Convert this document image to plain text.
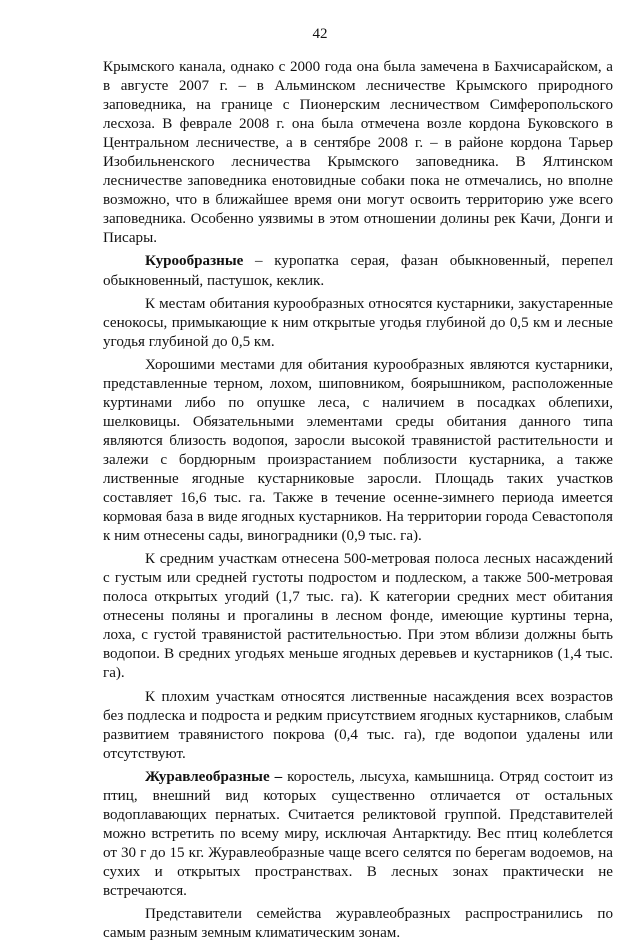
42

Крымского канала, однако с 2000 года она была замечена в Бахчисарайском, а в августе 2007 г. – в Альминском лесничестве Крымского природного заповедника, на границе с Пионерским лесничеством Симферопольского лесхоза. В феврале 2008 г. она была отмечена возле кордона Буковского в Центральном лесничестве, а в сентябре 2008 г. – в районе кордона Тарьер Изобильненского лесничества Крымского заповедника. В Ялтинском лесничестве заповедника енотовидные собаки пока не отмечались, но вполне возможно, что в ближайшее время они могут освоить территорию уже всего заповедника. Особенно уязвимы в этом отношении долины рек Качи, Донги и Писары.

Курообразные – куропатка серая, фазан обыкновенный, перепел обыкновенный, пастушок, кеклик.

К местам обитания курообразных относятся кустарники, закустаренные сенокосы, примыкающие к ним открытые угодья глубиной до 0,5 км и лесные угодья глубиной до 0,5 км.

Хорошими местами для обитания курообразных являются кустарники, представленные терном, лохом, шиповником, боярышником, расположенные куртинами либо по опушке леса, с наличием в посадках облепихи, шелковицы. Обязательными элементами среды обитания данного типа являются близость водопоя, заросли высокой травянистой растительности и залежи с бордюрным произрастанием поблизости кустарника, а также лиственные ягодные кустарниковые заросли. Площадь таких участков составляет 16,6 тыс. га. Также в течение осенне-зимнего периода имеется кормовая база в виде ягодных кустарников. На территории города Севастополя к ним отнесены сады, виноградники (0,9 тыс. га).

К средним участкам отнесена 500-метровая полоса лесных насаждений с густым или средней густоты подростом и подлеском, а также 500-метровая полоса открытых угодий (1,7 тыс. га). К категории средних мест обитания отнесены поляны и прогалины в лесном фонде, имеющие куртины терна, лоха, с густой травянистой растительностью. При этом вблизи должны быть водопои. В средних угодьях меньше ягодных деревьев и кустарников (1,4 тыс. га).

К плохим участкам относятся лиственные насаждения всех возрастов без подлеска и подроста и редким присутствием ягодных кустарников, слабым развитием травянистого покрова (0,4 тыс. га), где водопои удалены или отсутствуют.

Журавлеобразные – коростель, лысуха, камышница. Отряд состоит из птиц, внешний вид которых существенно отличается от остальных водоплавающих пернатых. Считается реликтовой группой. Представителей можно встретить по всему миру, исключая Антарктиду. Вес птиц колеблется от 30 г до 15 кг. Журавлеобразные чаще всего селятся по берегам водоемов, на сухих и открытых пространствах. В лесных зонах практически не встречаются.

Представители семейства журавлеобразных распространились по самым разным земным климатическим зонам.
